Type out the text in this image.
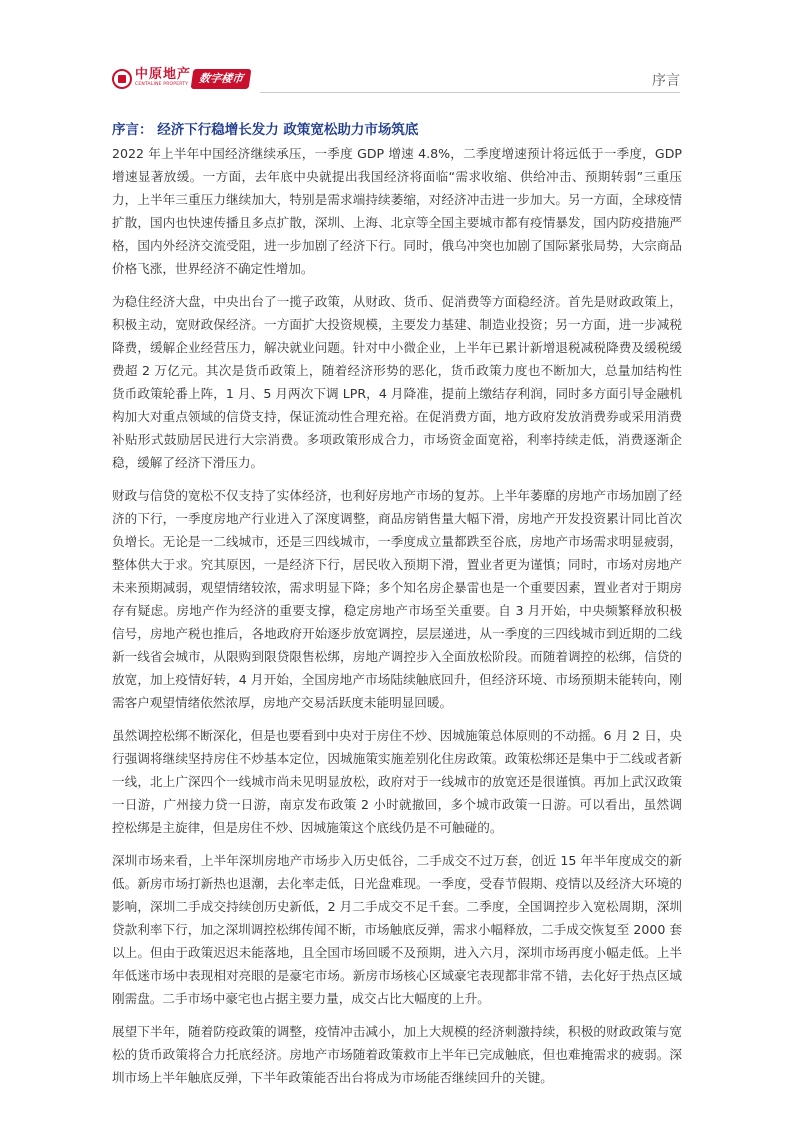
中原地产
CENTALINE PROPERTY 数字楼市	序言
序言： 经济下行稳增长发力 政策宽松助力市场筑底

2022 年上半年中国经济继续承压，一季度 GDP 增速 4.8%，二季度增速预计将远低于一季度，GDP 增速显著放缓。一方面，去年底中央就提出我国经济将面临“需求收缩、供给冲击、预期转弱”三重压力，上半年三重压力继续加大，特别是需求端持续萎缩，对经济冲击进一步加大。另一方面，全球疫情扩散，国内也快速传播且多点扩散，深圳、上海、北京等全国主要城市都有疫情暴发，国内防疫措施严格，国内外经济交流受阻，进一步加剧了经济下行。同时，俄乌冲突也加剧了国际紧张局势，大宗商品价格飞涨，世界经济不确定性增加。

为稳住经济大盘，中央出台了一揽子政策，从财政、货币、促消费等方面稳经济。首先是财政政策上，积极主动，宽财政保经济。一方面扩大投资规模，主要发力基建、制造业投资；另一方面，进一步减税降费，缓解企业经营压力，解决就业问题。针对中小微企业，上半年已累计新增退税减税降费及缓税缓费超 2 万亿元。其次是货币政策上，随着经济形势的恶化，货币政策力度也不断加大，总量加结构性货币政策轮番上阵，1 月、5 月两次下调 LPR，4 月降准，提前上缴结存利润，同时多方面引导金融机构加大对重点领域的信贷支持，保证流动性合理充裕。在促消费方面，地方政府发放消费券或采用消费补贴形式鼓励居民进行大宗消费。多项政策形成合力，市场资金面宽裕，利率持续走低，消费逐渐企稳，缓解了经济下滑压力。

财政与信贷的宽松不仅支持了实体经济，也利好房地产市场的复苏。上半年萎靡的房地产市场加剧了经济的下行，一季度房地产行业进入了深度调整，商品房销售量大幅下滑，房地产开发投资累计同比首次负增长。无论是一二线城市，还是三四线城市，一季度成立量都跌至谷底，房地产市场需求明显疲弱，整体供大于求。究其原因，一是经济下行，居民收入预期下滑，置业者更为谨慎；同时，市场对房地产未来预期减弱，观望情绪较浓，需求明显下降；多个知名房企暴雷也是一个重要因素，置业者对于期房存有疑虑。房地产作为经济的重要支撑，稳定房地产市场至关重要。自 3 月开始，中央频繁释放积极信号，房地产税也推后，各地政府开始逐步放宽调控，层层递进，从一季度的三四线城市到近期的二线新一线省会城市，从限购到限贷限售松绑，房地产调控步入全面放松阶段。而随着调控的松绑，信贷的放宽，加上疫情好转，4 月开始，全国房地产市场陆续触底回升，但经济环境、市场预期未能转向，刚需客户观望情绪依然浓厚，房地产交易活跃度未能明显回暖。

虽然调控松绑不断深化，但是也要看到中央对于房住不炒、因城施策总体原则的不动摇。6 月 2 日，央行强调将继续坚持房住不炒基本定位，因城施策实施差别化住房政策。政策松绑还是集中于二线或者新一线，北上广深四个一线城市尚未见明显放松，政府对于一线城市的放宽还是很谨慎。再加上武汉政策一日游，广州接力贷一日游，南京发布政策 2 小时就撤回，多个城市政策一日游。可以看出，虽然调控松绑是主旋律，但是房住不炒、因城施策这个底线仍是不可触碰的。

深圳市场来看，上半年深圳房地产市场步入历史低谷，二手成交不过万套，创近 15 年半年度成交的新低。新房市场打新热也退潮，去化率走低，日光盘难现。一季度，受春节假期、疫情以及经济大环境的影响，深圳二手成交持续创历史新低，2 月二手成交不足千套。二季度，全国调控步入宽松周期，深圳贷款利率下行，加之深圳调控松绑传闻不断，市场触底反弹，需求小幅释放，二手成交恢复至 2000 套以上。但由于政策迟迟未能落地，且全国市场回暖不及预期，进入六月，深圳市场再度小幅走低。上半年低迷市场中表现相对亮眼的是豪宅市场。新房市场核心区域豪宅表现都非常不错，去化好于热点区域刚需盘。二手市场中豪宅也占据主要力量，成交占比大幅度的上升。

展望下半年，随着防疫政策的调整，疫情冲击减小，加上大规模的经济刺激持续，积极的财政政策与宽松的货币政策将合力托底经济。房地产市场随着政策救市上半年已完成触底，但也难掩需求的疲弱。深圳市场上半年触底反弹，下半年政策能否出台将成为市场能否继续回升的关键。
